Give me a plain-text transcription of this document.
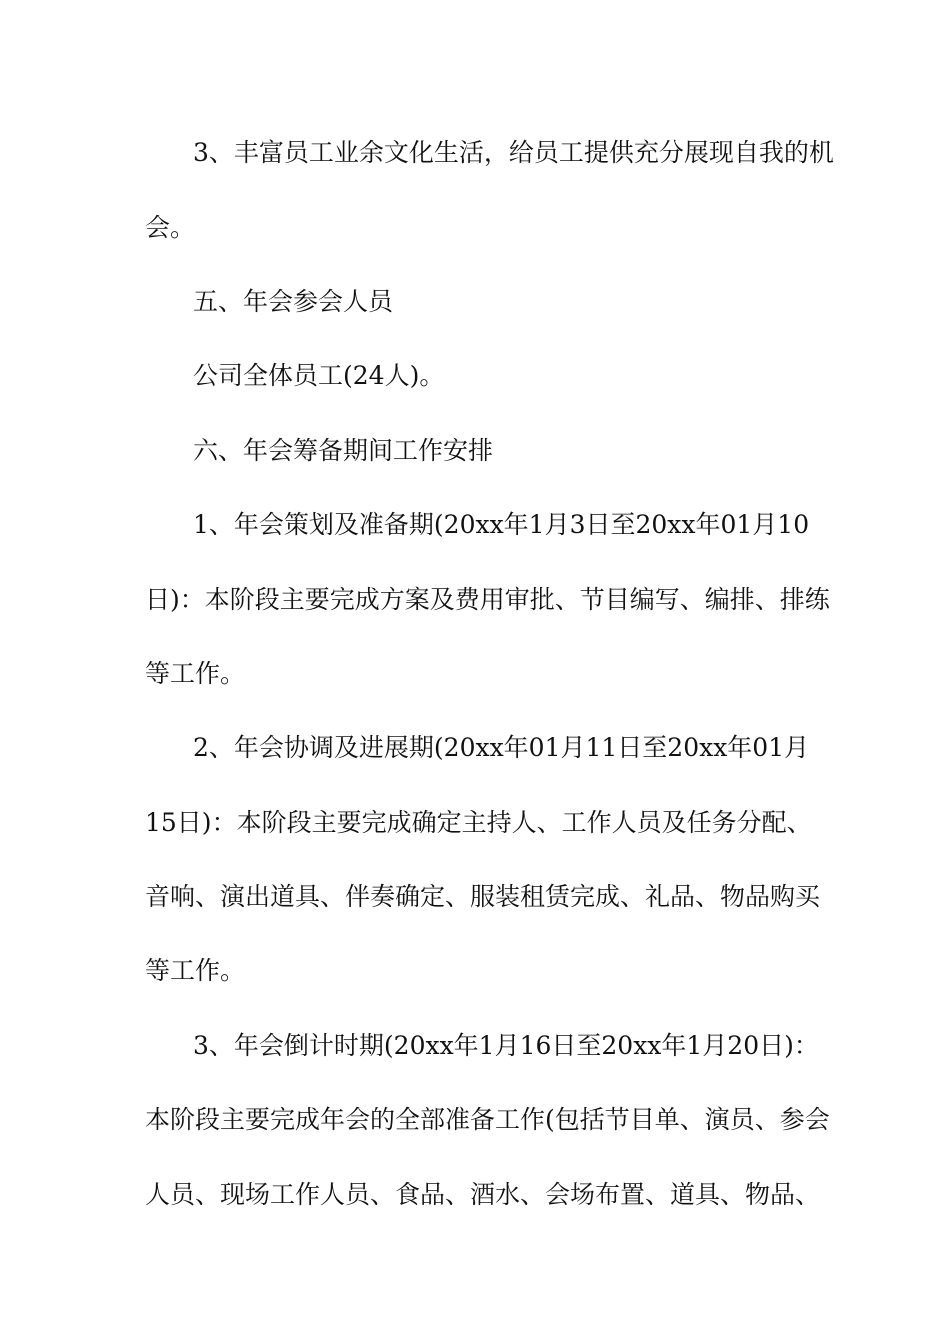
3、丰富员工业余文化生活，给员工提供充分展现自我的机
会。
五、年会参会人员
公司全体员工(24人)。
六、年会筹备期间工作安排
1、年会策划及准备期(20xx年1月3日至20xx年01月10
日)：本阶段主要完成方案及费用审批、节目编写、编排、排练
等工作。
2、年会协调及进展期(20xx年01月11日至20xx年01月
15日)：本阶段主要完成确定主持人、工作人员及任务分配、
音响、演出道具、伴奏确定、服装租赁完成、礼品、物品购买
等工作。
3、年会倒计时期(20xx年1月16日至20xx年1月20日)：
本阶段主要完成年会的全部准备工作(包括节目单、演员、参会
人员、现场工作人员、食品、酒水、会场布置、道具、物品、
